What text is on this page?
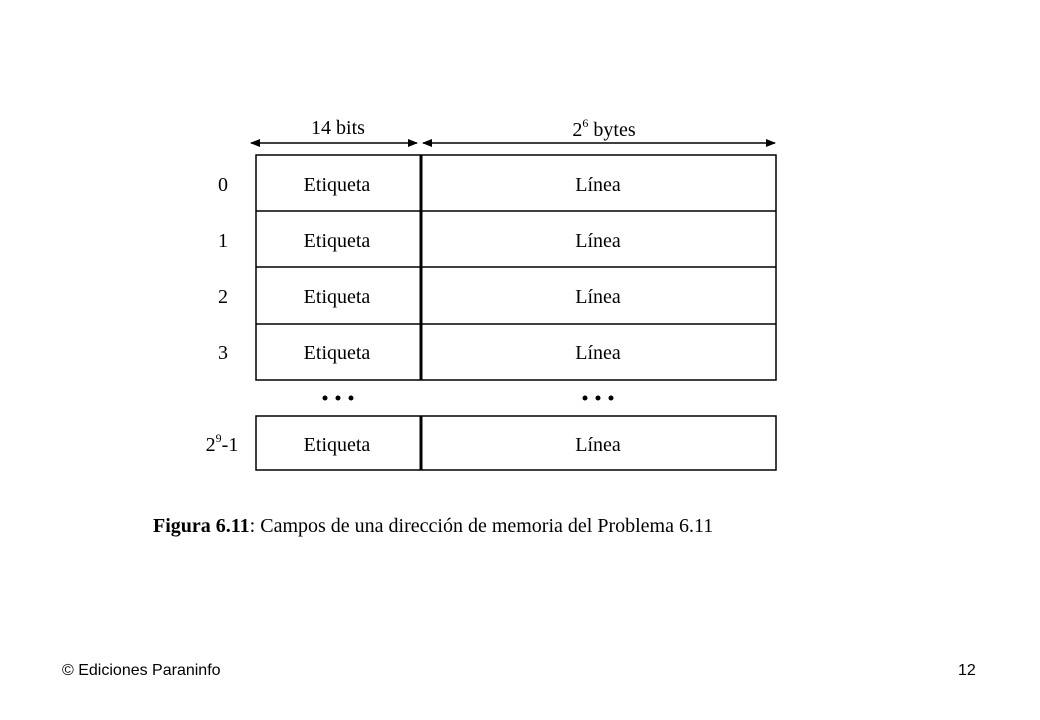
14 bits	$2^6$ bytes
0	Etiqueta	Línea
1	Etiqueta	Línea
2	Etiqueta	Línea
3	Etiqueta	Línea
$2^9-1$	Etiqueta	Línea
Figura 6.11: Campos de una dirección de memoria del Problema 6.11
© Ediciones Paraninfo	12
